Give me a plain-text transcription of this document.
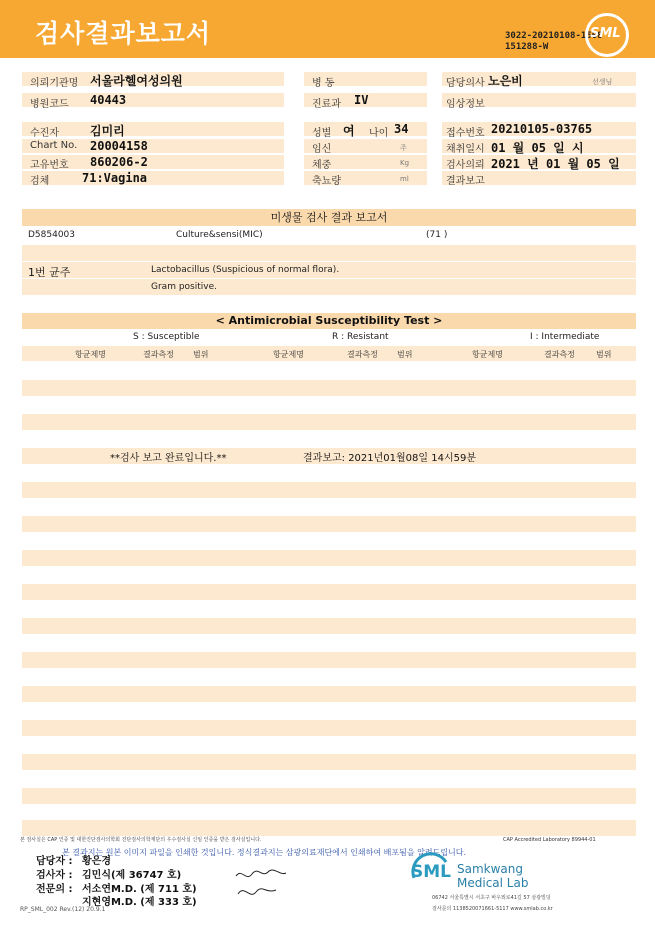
검사결과보고서	3022-20210108-1508
151288-W
SML
의뢰기관명 서울라헬여성의원	병 동	담당의사 노은비	선생님
병원코드 40443	진료과 IV	임상정보
수진자	김미리	성별 여 나이 34	접수번호 20210105-03765
Chart No. 20004158	임신	주	채취일시 01 월 05 일 시
고유번호 860206-2	체중	Kg	검사의뢰 2021 년 01 월 05 일
검체	71:Vagina	축뇨량	ml	결과보고
미생물 검사 결과 보고서
D5854003	Culture&sensi(MIC)	(71 )
1번 균주	Lactobacillus (Suspicious of normal flora).
Gram positive.
< Antimicrobial Susceptibility Test >
S : Susceptible	R : Resistant	I : Intermediate
항균제명	결과측정 범위	항균제명	결과측정 범위	항균제명	결과측정	범위
**검사 보고 완료입니다.**	결과보고: 2021년01월08일 14시59분
본 검사실은 CAP 인증 및 대한진단검사의학회 진단검사의학재단의 우수검사실 신임 인증을 받은 검사실입니다.	CAP Accredited Laboratory 89944-01
본 결과지는 원본 이미지 파일을 인쇄한 것입니다. 정식결과지는 삼광의료재단에서 인쇄하여 배포됨을 알려드립니다.
담당자 : 황은경
검사자 : 김민식(제 36747 호)
전문의 : 서소연M.D. (제 711 호)
지현영M.D. (제 333 호)
SML Samkwang
Medical Lab
06742 서울특별시 서초구 바우뫼로41길 57 삼광빌딩
검사문의 1138520071661-5117 www.smlab.co.kr
RP_SML_002 Rev.(12) 20.9.1
